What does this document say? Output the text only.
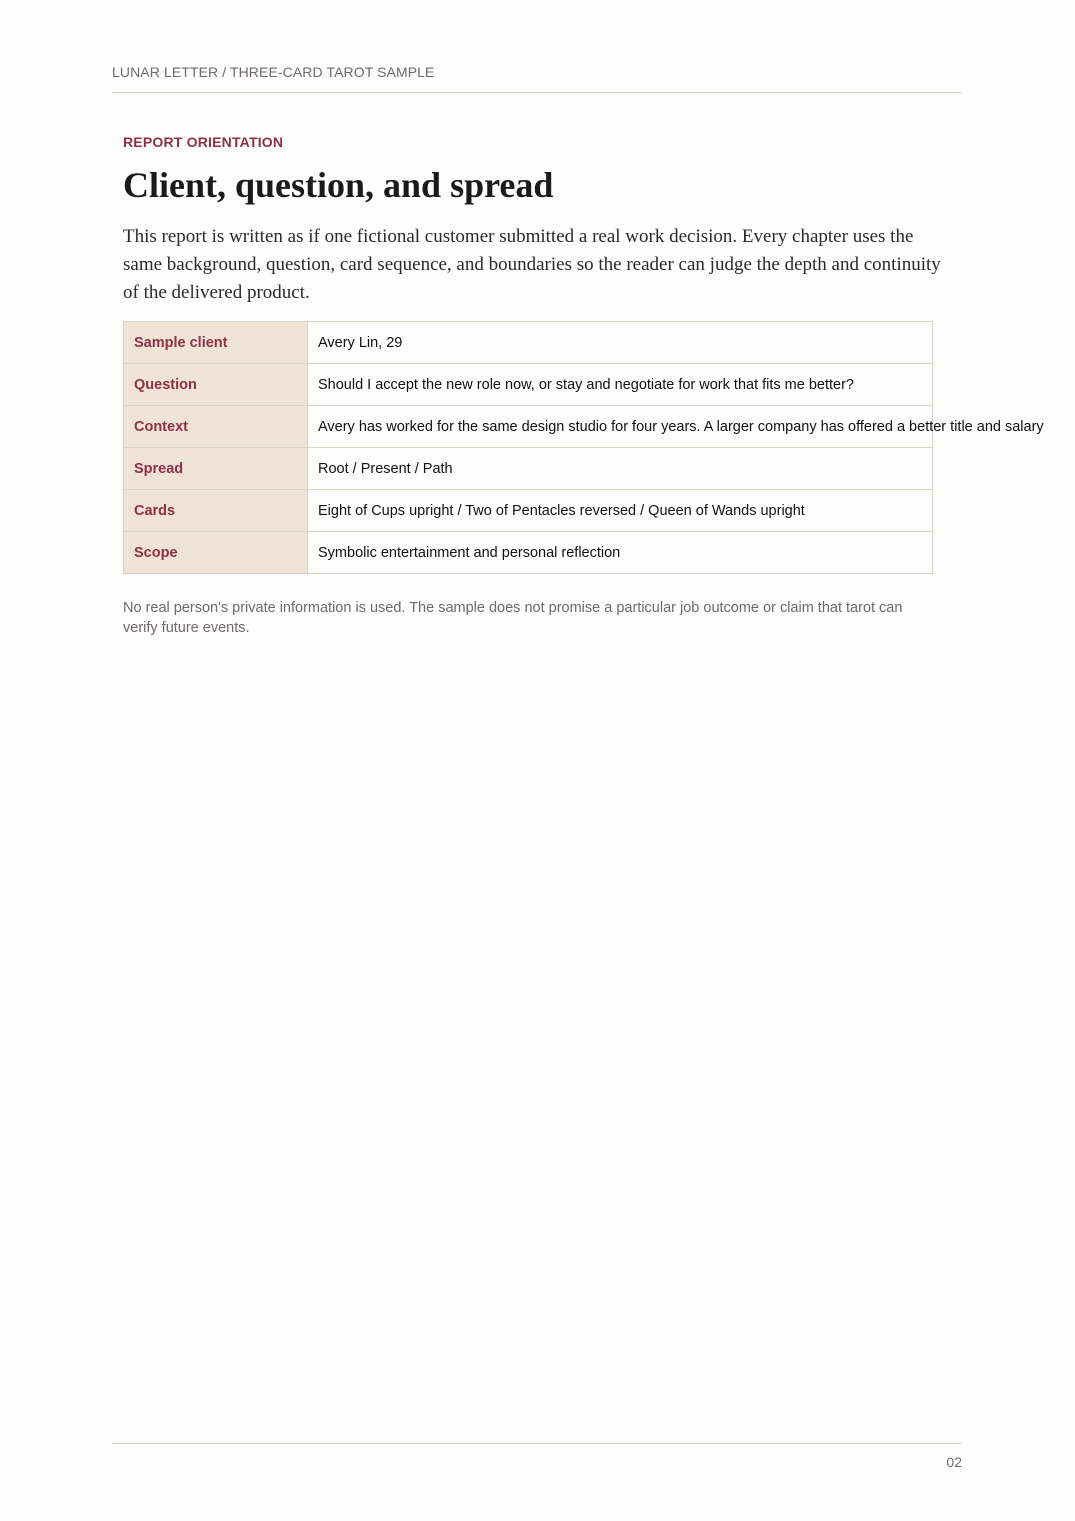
LUNAR LETTER / THREE-CARD TAROT SAMPLE

REPORT ORIENTATION

Client, question, and spread

This report is written as if one fictional customer submitted a real work decision. Every chapter uses the same background, question, card sequence, and boundaries so the reader can judge the depth and continuity of the delivered product.

Sample client	Avery Lin, 29
Question	Should I accept the new role now, or stay and negotiate for work that fits me better?
Context	Avery has worked for the same design studio for four years. A larger company has offered a better title and salary
Spread	Root / Present / Path
Cards	Eight of Cups upright / Two of Pentacles reversed / Queen of Wands upright
Scope	Symbolic entertainment and personal reflection

No real person's private information is used. The sample does not promise a particular job outcome or claim that tarot can verify future events.

02
